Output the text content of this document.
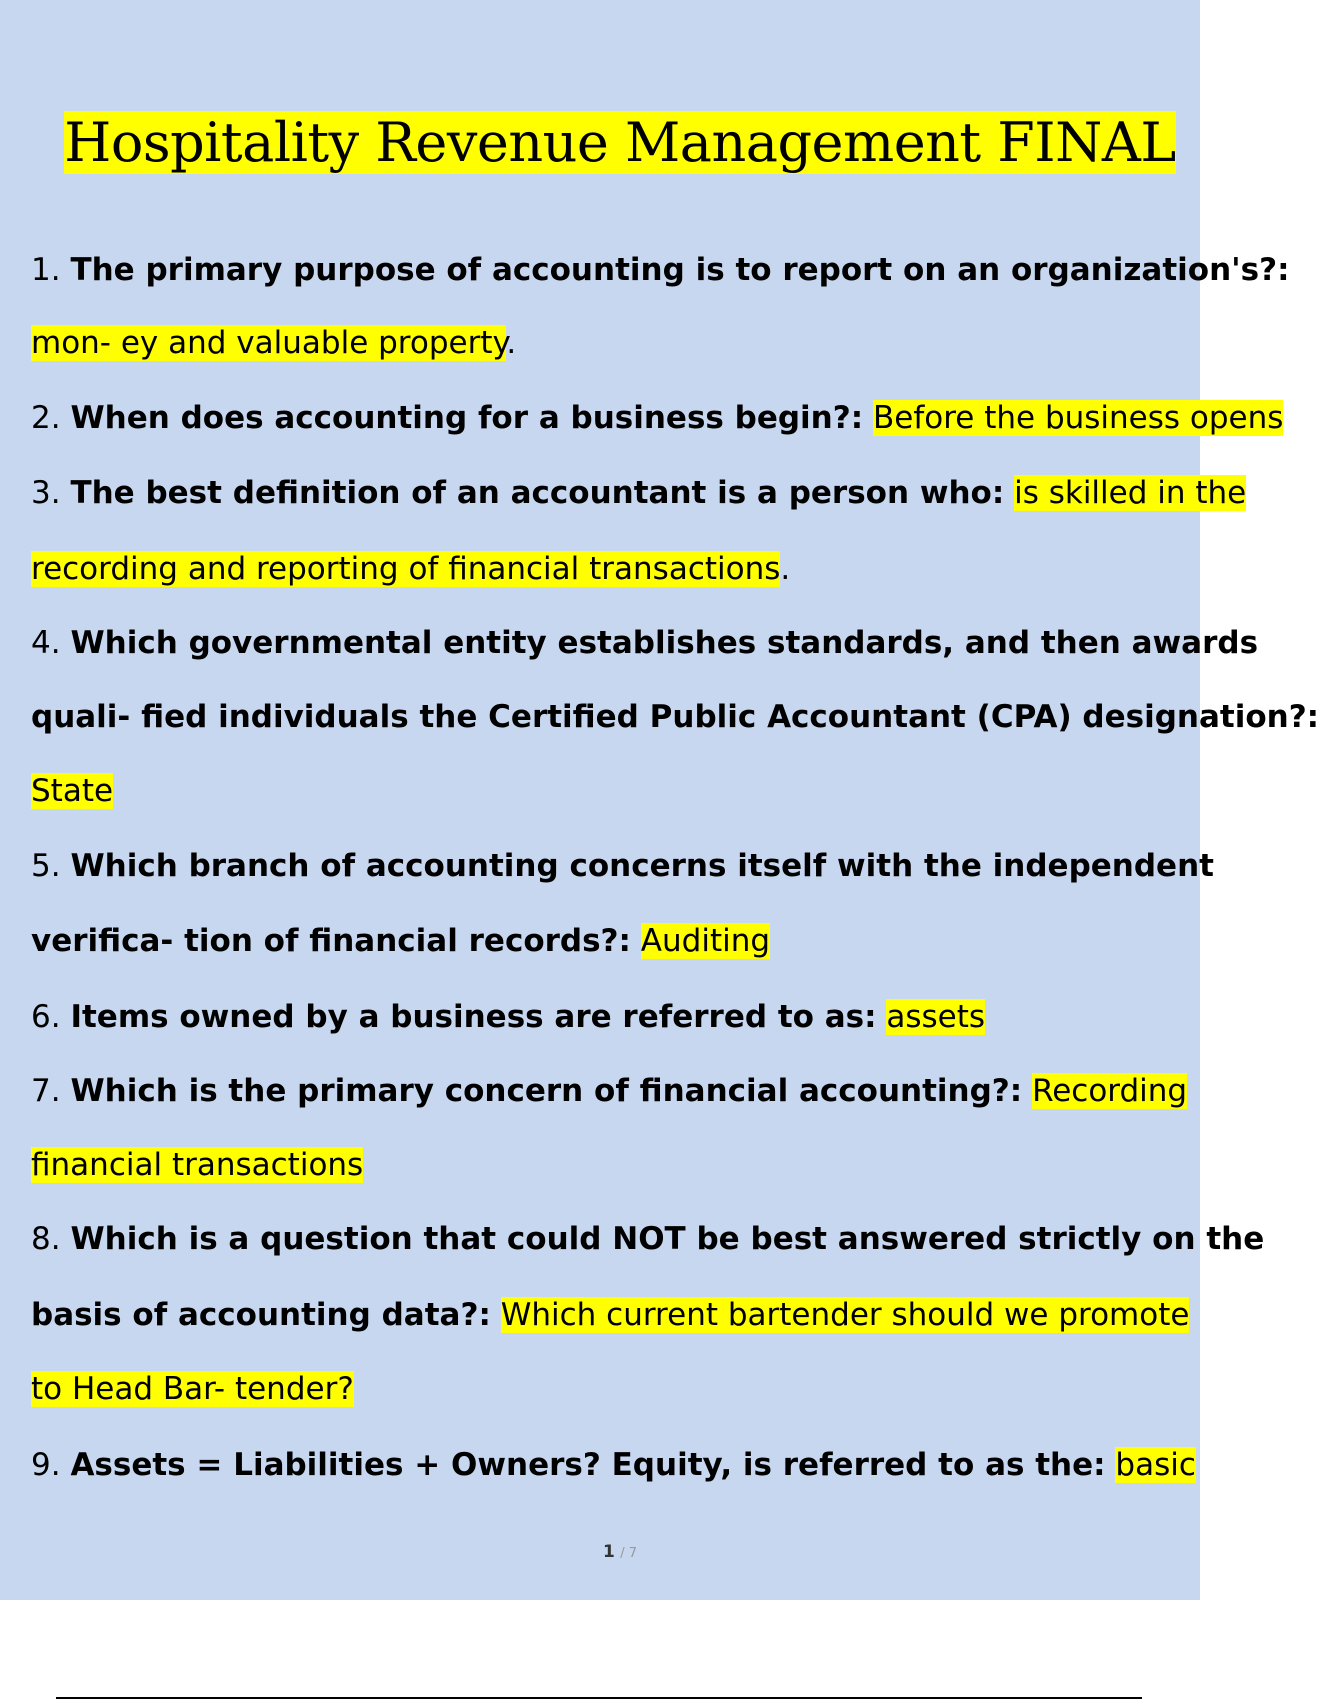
Hospitality Revenue Management FINAL
1. The primary purpose of accounting is to report on an organization's?:
mon- ey and valuable property.
2. When does accounting for a business begin?: Before the business opens
3. The best definition of an accountant is a person who: is skilled in the
recording and reporting of financial transactions.
4. Which governmental entity establishes standards, and then awards
quali- fied individuals the Certified Public Accountant (CPA) designation?:
State
5. Which branch of accounting concerns itself with the independent
verifica- tion of financial records?: Auditing
6. Items owned by a business are referred to as: assets
7. Which is the primary concern of financial accounting?: Recording
financial transactions
8. Which is a question that could NOT be best answered strictly on the
basis of accounting data?: Which current bartender should we promote
to Head Bar- tender?
9. Assets = Liabilities + Owners? Equity, is referred to as the: basic
1 / 7
